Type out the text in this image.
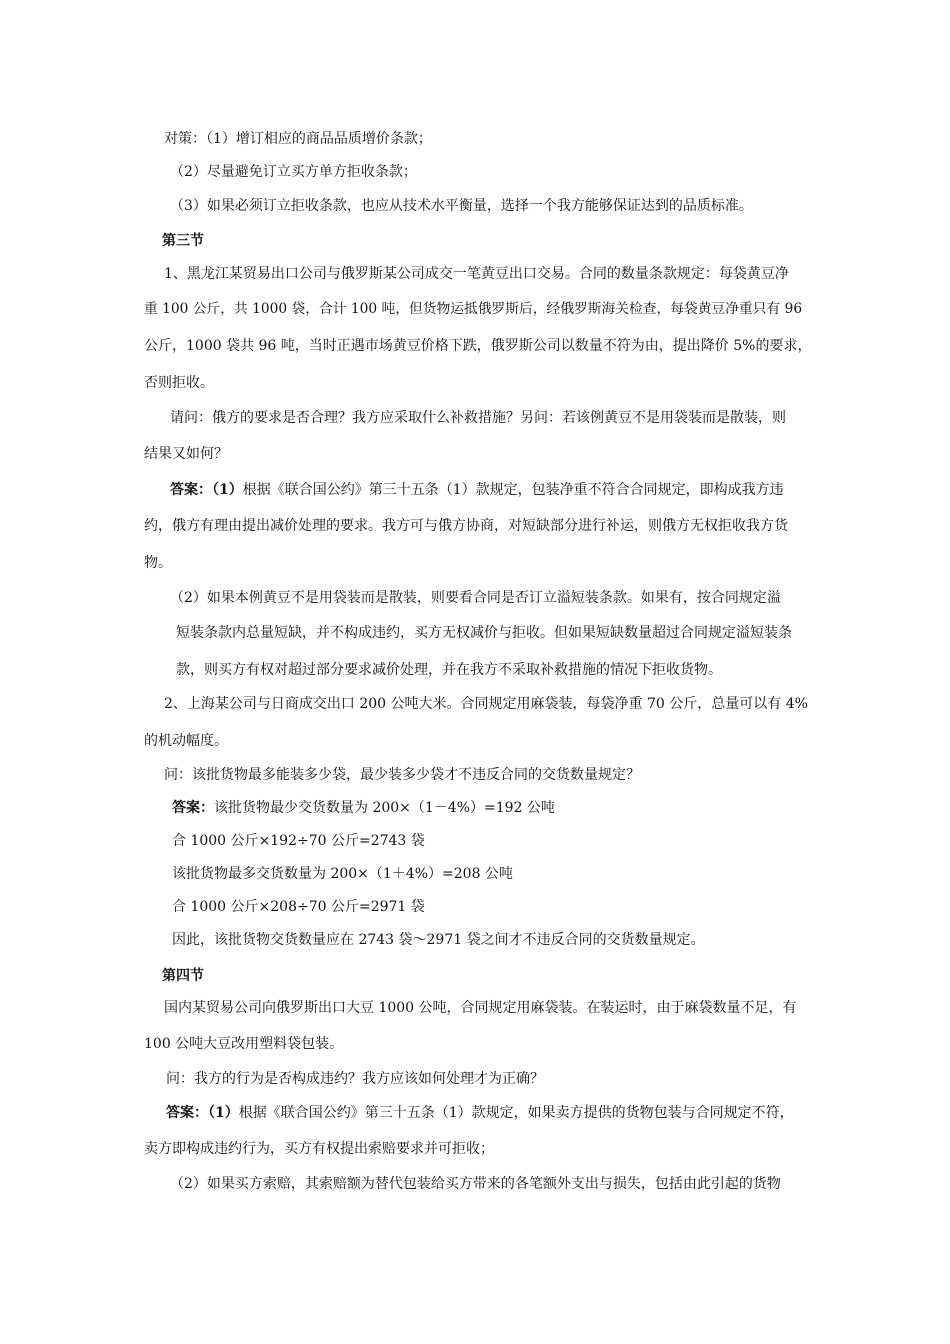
对策：（1）增订相应的商品品质增价条款；
（2）尽量避免订立买方单方拒收条款；
（3）如果必须订立拒收条款，也应从技术水平衡量，选择一个我方能够保证达到的品质标准。
第三节
1、黑龙江某贸易出口公司与俄罗斯某公司成交一笔黄豆出口交易。合同的数量条款规定：每袋黄豆净
重 100 公斤，共 1000 袋，合计 100 吨，但货物运抵俄罗斯后，经俄罗斯海关检查，每袋黄豆净重只有 96
公斤，1000 袋共 96 吨，当时正遇市场黄豆价格下跌，俄罗斯公司以数量不符为由，提出降价 5%的要求，
否则拒收。
请问：俄方的要求是否合理？我方应采取什么补救措施？另问：若该例黄豆不是用袋装而是散装，则
结果又如何？
答案：（1）根据《联合国公约》第三十五条（1）款规定，包装净重不符合合同规定，即构成我方违
约，俄方有理由提出减价处理的要求。我方可与俄方协商，对短缺部分进行补运，则俄方无权拒收我方货
物。
（2）如果本例黄豆不是用袋装而是散装，则要看合同是否订立溢短装条款。如果有，按合同规定溢
短装条款内总量短缺，并不构成违约，买方无权减价与拒收。但如果短缺数量超过合同规定溢短装条
款，则买方有权对超过部分要求减价处理，并在我方不采取补救措施的情况下拒收货物。
2、上海某公司与日商成交出口 200 公吨大米。合同规定用麻袋装，每袋净重 70 公斤，总量可以有 4%
的机动幅度。
问：该批货物最多能装多少袋，最少装多少袋才不违反合同的交货数量规定？
答案：该批货物最少交货数量为 200×（1－4%）=192 公吨
合 1000 公斤×192÷70 公斤=2743 袋
该批货物最多交货数量为 200×（1＋4%）=208 公吨
合 1000 公斤×208÷70 公斤=2971 袋
因此，该批货物交货数量应在 2743 袋～2971 袋之间才不违反合同的交货数量规定。
第四节
国内某贸易公司向俄罗斯出口大豆 1000 公吨，合同规定用麻袋装。在装运时，由于麻袋数量不足，有
100 公吨大豆改用塑料袋包装。
问：我方的行为是否构成违约？我方应该如何处理才为正确？
答案：（1）根据《联合国公约》第三十五条（1）款规定，如果卖方提供的货物包装与合同规定不符，
卖方即构成违约行为，买方有权提出索赔要求并可拒收；
（2）如果买方索赔，其索赔额为替代包装给买方带来的各笔额外支出与损失，包括由此引起的货物
